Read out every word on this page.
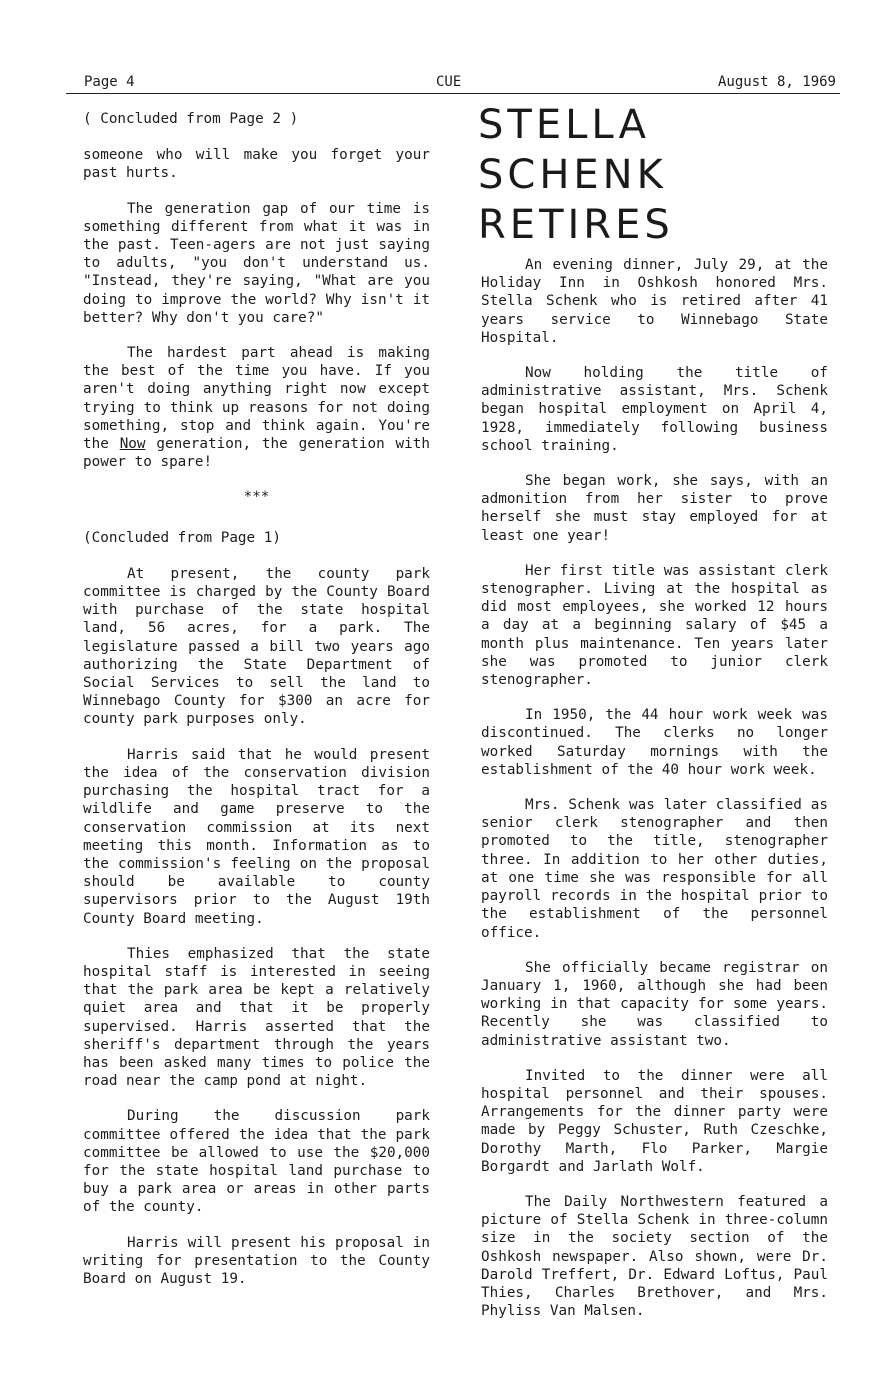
Page 4	CUE	August 8, 1969

( Concluded from Page 2 )

someone who will make you forget your past hurts.

The generation gap of our time is something different from what it was in the past. Teen-agers are not just saying to adults, "you don't understand us. "Instead, they're saying, "What are you doing to improve the world? Why isn't it better? Why don't you care?"

The hardest part ahead is making the best of the time you have. If you aren't doing anything right now except trying to think up reasons for not doing something, stop and think again. You're the Now generation, the generation with power to spare!

***

(Concluded from Page 1)

At present, the county park committee is charged by the County Board with purchase of the state hospital land, 56 acres, for a park. The legislature passed a bill two years ago authorizing the State Department of Social Services to sell the land to Winnebago County for $300 an acre for county park purposes only.

Harris said that he would present the idea of the conservation division purchasing the hospital tract for a wildlife and game preserve to the conservation commission at its next meeting this month. Information as to the commission's feeling on the proposal should be available to county supervisors prior to the August 19th County Board meeting.

Thies emphasized that the state hospital staff is interested in seeing that the park area be kept a relatively quiet area and that it be properly supervised. Harris asserted that the sheriff's department through the years has been asked many times to police the road near the camp pond at night.

During the discussion park committee offered the idea that the park committee be allowed to use the $20,000 for the state hospital land purchase to buy a park area or areas in other parts of the county.

Harris will present his proposal in writing for presentation to the County Board on August 19.

STELLA
SCHENK
RETIRES

An evening dinner, July 29, at the Holiday Inn in Oshkosh honored Mrs. Stella Schenk who is retired after 41 years service to Winnebago State Hospital.

Now holding the title of administrative assistant, Mrs. Schenk began hospital employment on April 4, 1928, immediately following business school training.

She began work, she says, with an admonition from her sister to prove herself she must stay employed for at least one year!

Her first title was assistant clerk stenographer. Living at the hospital as did most employees, she worked 12 hours a day at a beginning salary of $45 a month plus maintenance. Ten years later she was promoted to junior clerk stenographer.

In 1950, the 44 hour work week was discontinued. The clerks no longer worked Saturday mornings with the establishment of the 40 hour work week.

Mrs. Schenk was later classified as senior clerk stenographer and then promoted to the title, stenographer three. In addition to her other duties, at one time she was responsible for all payroll records in the hospital prior to the establishment of the personnel office.

She officially became registrar on January 1, 1960, although she had been working in that capacity for some years. Recently she was classified to administrative assistant two.

Invited to the dinner were all hospital personnel and their spouses. Arrangements for the dinner party were made by Peggy Schuster, Ruth Czeschke, Dorothy Marth, Flo Parker, Margie Borgardt and Jarlath Wolf.

The Daily Northwestern featured a picture of Stella Schenk in three-column size in the society section of the Oshkosh newspaper. Also shown, were Dr. Darold Treffert, Dr. Edward Loftus, Paul Thies, Charles Brethover, and Mrs. Phyliss Van Malsen.
